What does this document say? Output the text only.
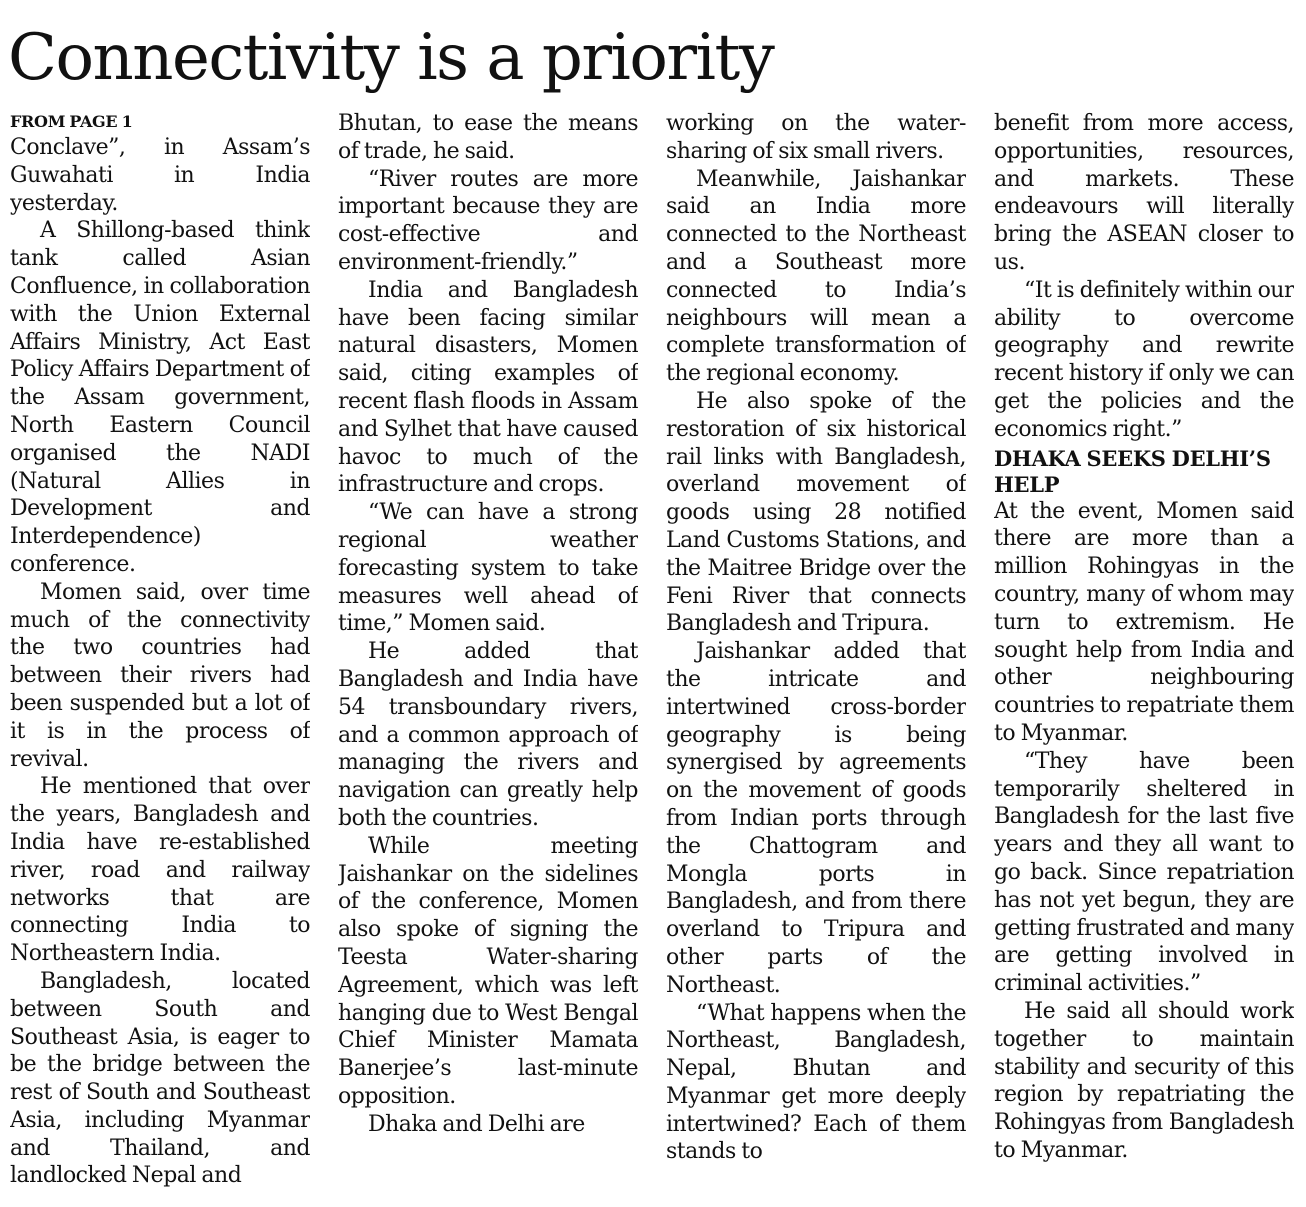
Connectivity is a priority
FROM PAGE 1

Conclave”, in Assam’s Guwahati in India yesterday.

A Shillong-based think tank called Asian Confluence, in collaboration with the Union External Affairs Ministry, Act East Policy Affairs Department of the Assam government, North Eastern Council organised the NADI (Natural Allies in Development and Interdependence) conference.

Momen said, over time much of the connectivity the two countries had between their rivers had been suspended but a lot of it is in the process of revival.

He mentioned that over the years, Bangladesh and India have re-established river, road and railway networks that are connecting India to Northeastern India.

Bangladesh, located between South and Southeast Asia, is eager to be the bridge between the rest of South and Southeast Asia, including Myanmar and Thailand, and landlocked Nepal and

Bhutan, to ease the means of trade, he said.

“River routes are more important because they are cost-effective and environment-friendly.”

India and Bangladesh have been facing similar natural disasters, Momen said, citing examples of recent flash floods in Assam and Sylhet that have caused havoc to much of the infrastructure and crops.

“We can have a strong regional weather forecasting system to take measures well ahead of time,” Momen said.

He added that Bangladesh and India have 54 transboundary rivers, and a common approach of managing the rivers and navigation can greatly help both the countries.

While meeting Jaishankar on the sidelines of the conference, Momen also spoke of signing the Teesta Water-sharing Agreement, which was left hanging due to West Bengal Chief Minister Mamata Banerjee’s last-minute opposition.

Dhaka and Delhi are

working on the water-sharing of six small rivers.

Meanwhile, Jaishankar said an India more connected to the Northeast and a Southeast more connected to India’s neighbours will mean a complete transformation of the regional economy.

He also spoke of the restoration of six historical rail links with Bangladesh, overland movement of goods using 28 notified Land Customs Stations, and the Maitree Bridge over the Feni River that connects Bangladesh and Tripura.

Jaishankar added that the intricate and intertwined cross-border geography is being synergised by agreements on the movement of goods from Indian ports through the Chattogram and Mongla ports in Bangladesh, and from there overland to Tripura and other parts of the Northeast.

“What happens when the Northeast, Bangladesh, Nepal, Bhutan and Myanmar get more deeply intertwined? Each of them stands to

benefit from more access, opportunities, resources, and markets. These endeavours will literally bring the ASEAN closer to us.

“It is definitely within our ability to overcome geography and rewrite recent history if only we can get the policies and the economics right.”

DHAKA SEEKS DELHI’S HELP

At the event, Momen said there are more than a million Rohingyas in the country, many of whom may turn to extremism. He sought help from India and other neighbouring countries to repatriate them to Myanmar.

“They have been temporarily sheltered in Bangladesh for the last five years and they all want to go back. Since repatriation has not yet begun, they are getting frustrated and many are getting involved in criminal activities.”

He said all should work together to maintain stability and security of this region by repatriating the Rohingyas from Bangladesh to Myanmar.
